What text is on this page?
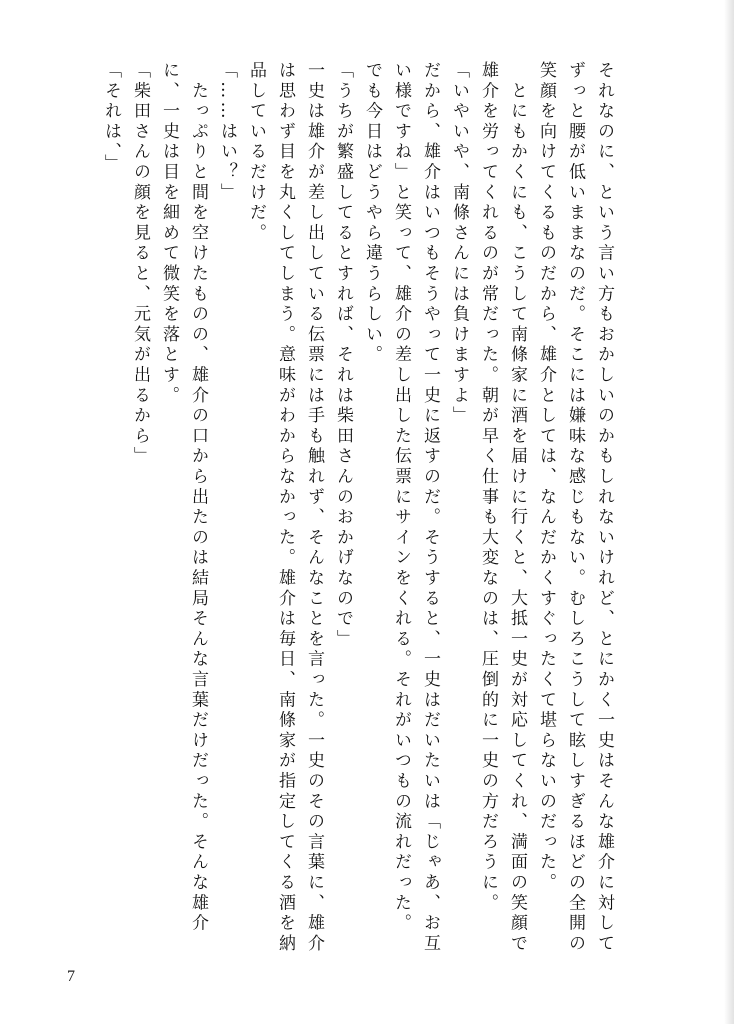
それなのに、という言い方もおかしいのかもしれないけれど、とにかく一史はそんな雄介に対してずっと腰が低いままなのだ。そこには嫌味な感じもない。むしろこうして眩しすぎるほどの全開の笑顔を向けてくるものだから、雄介としては、なんだかくすぐったくて堪らないのだった。

　とにもかくにも、こうして南條家に酒を届けに行くと、大抵一史が対応してくれ、満面の笑顔で雄介を労ってくれるのが常だった。朝が早く仕事も大変なのは、圧倒的に一史の方だろうに。

「いやいや、南條さんには負けますよ」

だから、雄介はいつもそうやって一史に返すのだ。そうすると、一史はだいたいは「じゃあ、お互い様ですね」と笑って、雄介の差し出した伝票にサインをくれる。それがいつもの流れだった。

でも今日はどうやら違うらしい。

「うちが繁盛してるとすれば、それは柴田さんのおかげなので」

一史は雄介が差し出している伝票には手も触れず、そんなことを言った。一史のその言葉に、雄介は思わず目を丸くしてしまう。意味がわからなかった。雄介は毎日、南條家が指定してくる酒を納品しているだけだ。

「……はい？」

　たっぷりと間を空けたものの、雄介の口から出たのは結局そんな言葉だけだった。そんな雄介に、一史は目を細めて微笑を落とす。

「柴田さんの顔を見ると、元気が出るから」

「それは、」

7
